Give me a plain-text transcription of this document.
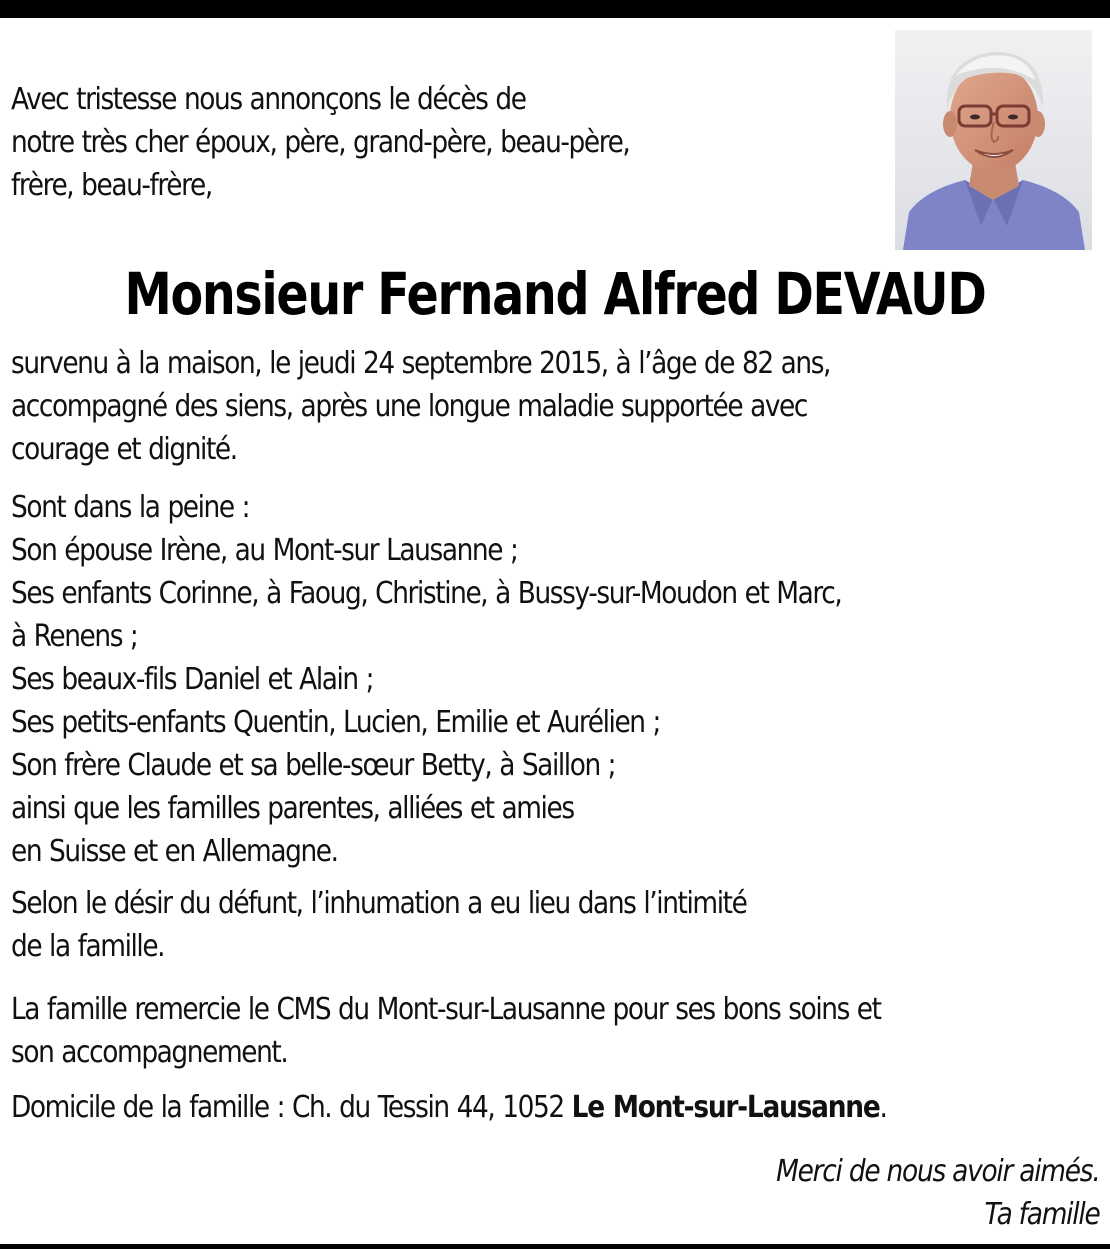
Avec tristesse nous annonçons le décès de
notre très cher époux, père, grand-père, beau-père,
frère, beau-frère,

Monsieur Fernand Alfred DEVAUD

survenu à la maison, le jeudi 24 septembre 2015, à l’âge de 82 ans,
accompagné des siens, après une longue maladie supportée avec
courage et dignité.

Sont dans la peine :
Son épouse Irène, au Mont-sur Lausanne ;
Ses enfants Corinne, à Faoug, Christine, à Bussy-sur-Moudon et Marc,
à Renens ;
Ses beaux-fils Daniel et Alain ;
Ses petits-enfants Quentin, Lucien, Emilie et Aurélien ;
Son frère Claude et sa belle-sœur Betty, à Saillon ;
ainsi que les familles parentes, alliées et amies
en Suisse et en Allemagne.

Selon le désir du défunt, l’inhumation a eu lieu dans l’intimité
de la famille.

La famille remercie le CMS du Mont-sur-Lausanne pour ses bons soins et
son accompagnement.

Domicile de la famille : Ch. du Tessin 44, 1052 Le Mont-sur-Lausanne.

Merci de nous avoir aimés.
Ta famille
